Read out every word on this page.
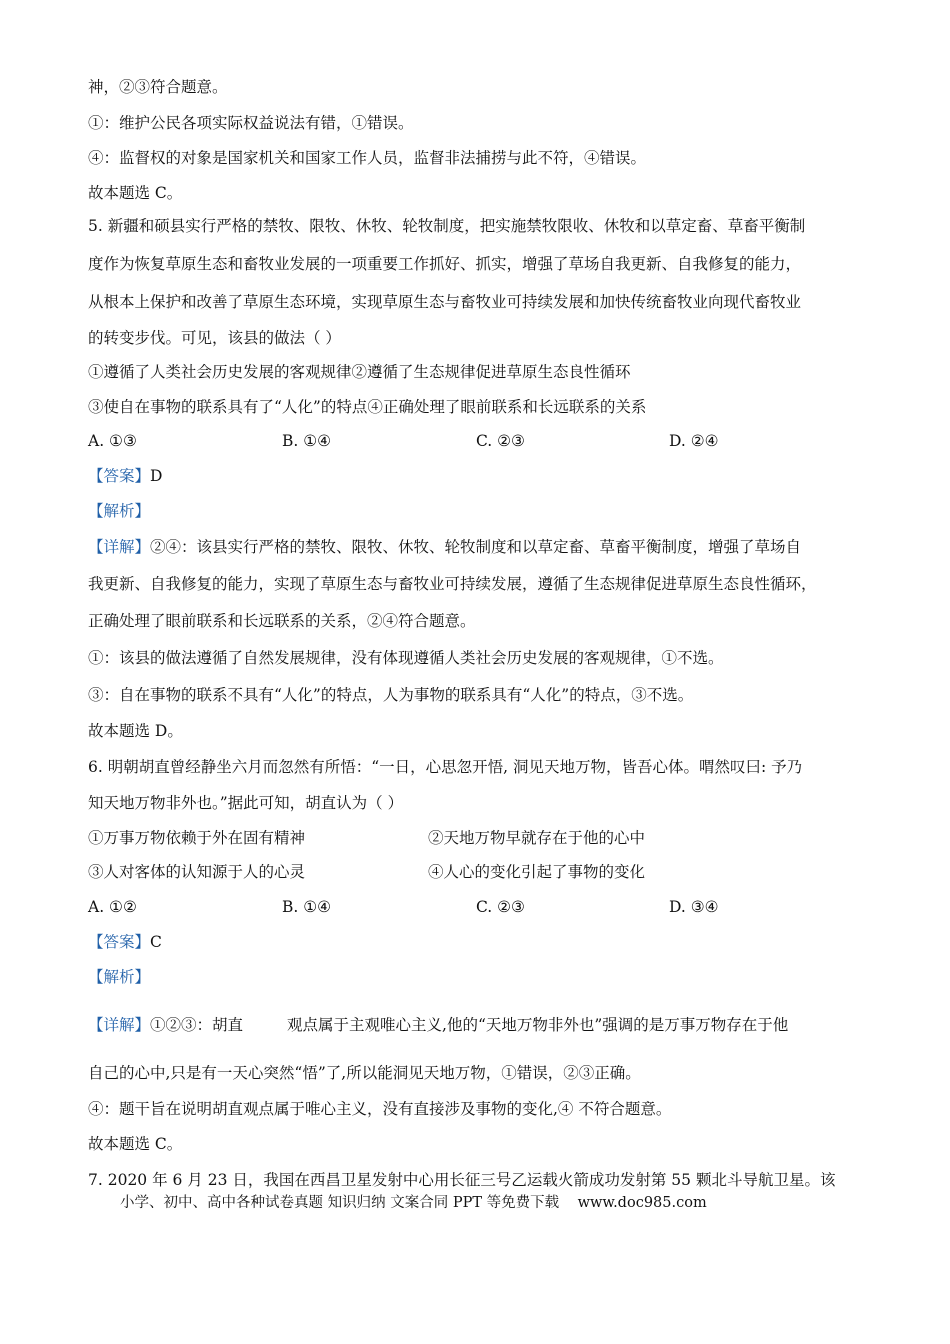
神，②③符合题意。
①：维护公民各项实际权益说法有错，①错误。
④：监督权的对象是国家机关和国家工作人员，监督非法捕捞与此不符，④错误。
故本题选 C。
5. 新疆和硕县实行严格的禁牧、限牧、休牧、轮牧制度，把实施禁牧限收、休牧和以草定畜、草畜平衡制
度作为恢复草原生态和畜牧业发展的一项重要工作抓好、抓实，增强了草场自我更新、自我修复的能力，
从根本上保护和改善了草原生态环境，实现草原生态与畜牧业可持续发展和加快传统畜牧业向现代畜牧业
的转变步伐。可见，该县的做法（ ）
①遵循了人类社会历史发展的客观规律②遵循了生态规律促进草原生态良性循环
③使自在事物的联系具有了“人化”的特点④正确处理了眼前联系和长远联系的关系
A. ①③	B. ①④	C. ②③	D. ②④
【答案】D
【解析】
【详解】②④：该县实行严格的禁牧、限牧、休牧、轮牧制度和以草定畜、草畜平衡制度，增强了草场自
我更新、自我修复的能力，实现了草原生态与畜牧业可持续发展，遵循了生态规律促进草原生态良性循环，
正确处理了眼前联系和长远联系的关系，②④符合题意。
①：该县的做法遵循了自然发展规律，没有体现遵循人类社会历史发展的客观规律，①不选。
③：自在事物的联系不具有“人化”的特点，人为事物的联系具有“人化”的特点，③不选。
故本题选 D。
6. 明朝胡直曾经静坐六月而忽然有所悟：“一日，心思忽开悟, 洞见天地万物，皆吾心体。喟然叹曰: 予乃
知天地万物非外也。”据此可知，胡直认为（ ）
①万事万物依赖于外在固有精神	②天地万物早就存在于他的心中
③人对客体的认知源于人的心灵	④人心的变化引起了事物的变化
A. ①②	B. ①④	C. ②③	D. ③④
【答案】C
【解析】
【详解】①②③：胡直	观点属于主观唯心主义,他的“天地万物非外也”强调的是万事万物存在于他
自己的心中,只是有一天心突然“悟”了,所以能洞见天地万物，①错误，②③正确。
④：题干旨在说明胡直观点属于唯心主义，没有直接涉及事物的变化,④ 不符合题意。
故本题选 C。
7. 2020 年 6 月 23 日，我国在西昌卫星发射中心用长征三号乙运载火箭成功发射第 55 颗北斗导航卫星。该
小学、初中、高中各种试卷真题 知识归纳 文案合同 PPT 等免费下载 www.doc985.com
